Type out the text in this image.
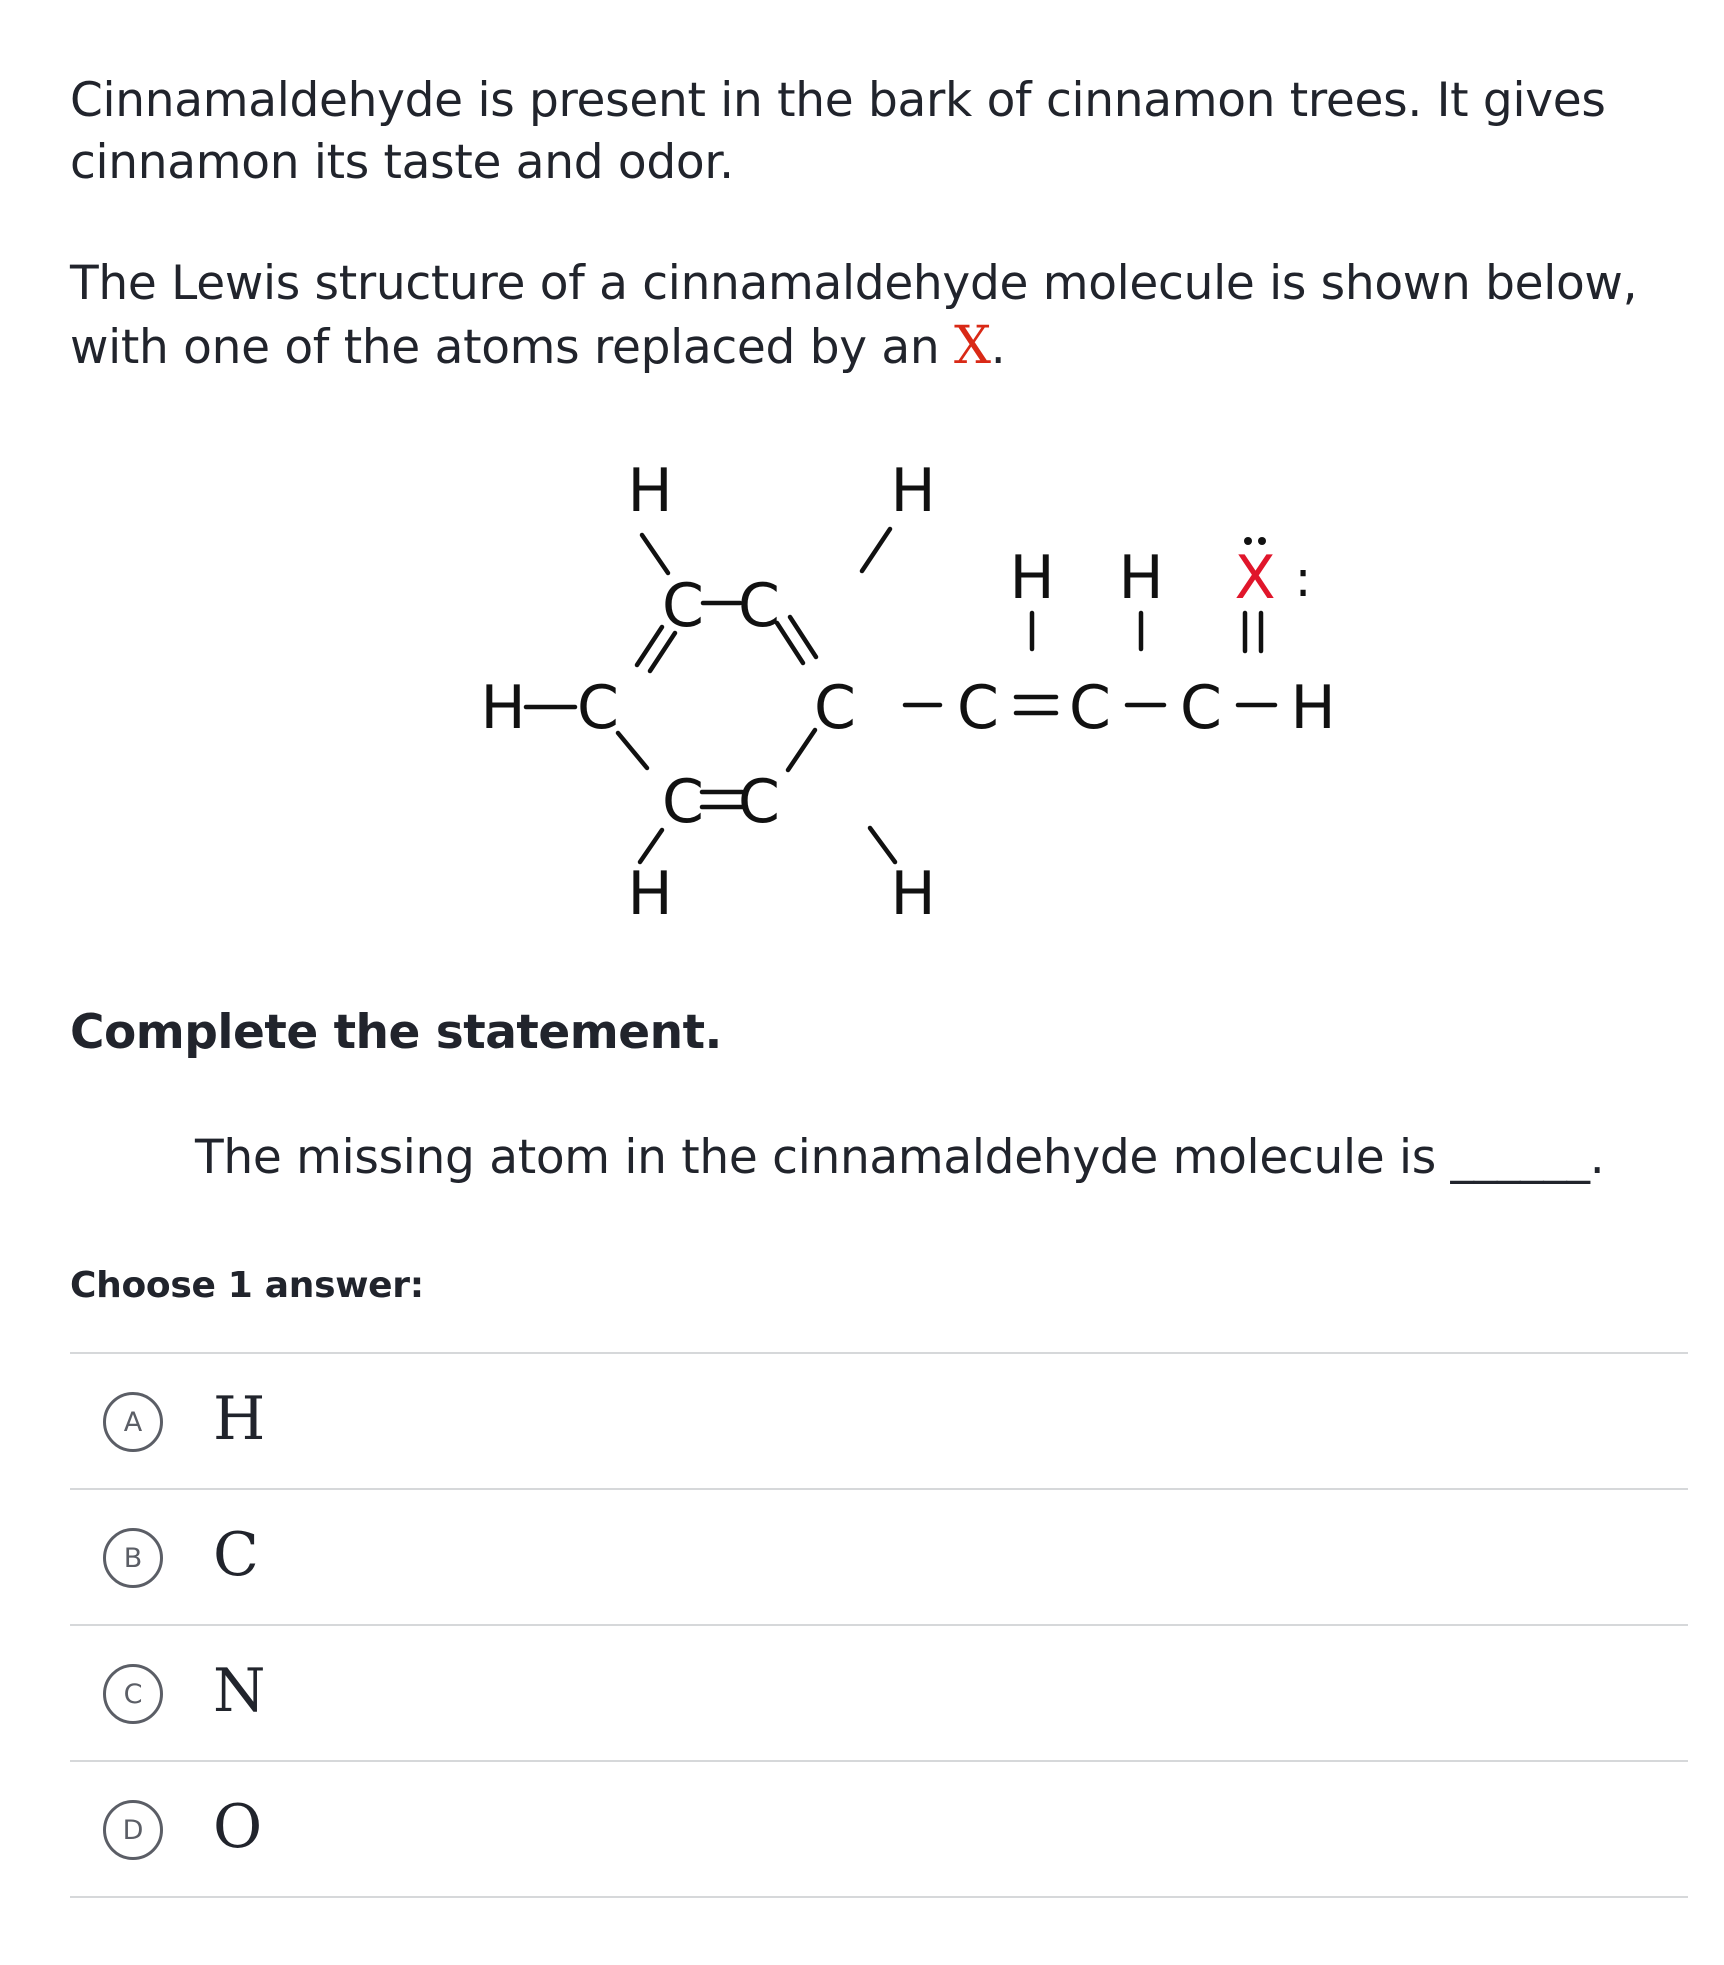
Cinnamaldehyde is present in the bark of cinnamon trees. It gives cinnamon its taste and odor.

The Lewis structure of a cinnamaldehyde molecule is shown below, with one of the atoms replaced by an X.

H	H
C C
H C	C
C C
H	H
H H
C C C H
X :

Complete the statement.

The missing atom in the cinnamaldehyde molecule is ______.

Choose 1 answer:

A	H
B	C
C	N
D	O
